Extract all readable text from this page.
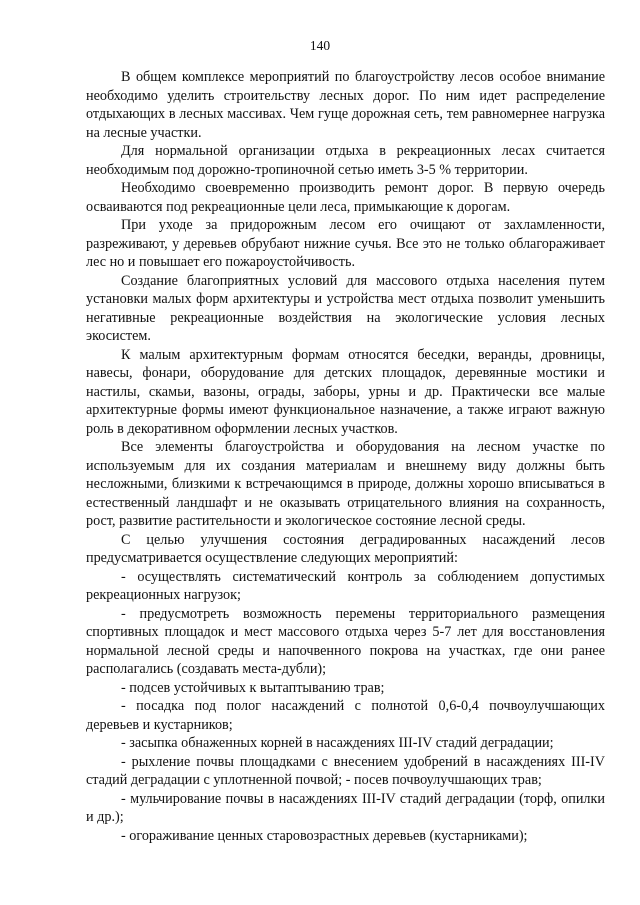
140

В общем комплексе мероприятий по благоустройству лесов особое внимание необходимо уделить строительству лесных дорог. По ним идет распределение отдыхающих в лесных массивах. Чем гуще дорожная сеть, тем равномернее нагрузка на лесные участки.

Для нормальной организации отдыха в рекреационных лесах считается необходимым под дорожно-тропиночной сетью иметь 3-5 % территории.

Необходимо своевременно производить ремонт дорог. В первую очередь осваиваются под рекреационные цели леса, примыкающие к дорогам.

При уходе за придорожным лесом его очищают от захламленности, разреживают, у деревьев обрубают нижние сучья. Все это не только облагораживает лес но и повышает его пожароустойчивость.

Создание благоприятных условий для массового отдыха населения путем установки малых форм архитектуры и устройства мест отдыха позволит уменьшить негативные рекреационные воздействия на экологические условия лесных экосистем.

К малым архитектурным формам относятся беседки, веранды, дровницы, навесы, фонари, оборудование для детских площадок, деревянные мостики и настилы, скамьи, вазоны, ограды, заборы, урны и др. Практически все малые архитектурные формы имеют функциональное назначение, а также играют важную роль в декоративном оформлении лесных участков.

Все элементы благоустройства и оборудования на лесном участке по используемым для их создания материалам и внешнему виду должны быть несложными, близкими к встречающимся в природе, должны хорошо вписываться в естественный ландшафт и не оказывать отрицательного влияния на сохранность, рост, развитие растительности и экологическое состояние лесной среды.

С целью улучшения состояния деградированных насаждений лесов предусматривается осуществление следующих мероприятий:

- осуществлять систематический контроль за соблюдением допустимых рекреационных нагрузок;

- предусмотреть возможность перемены территориального размещения спортивных площадок и мест массового отдыха через 5-7 лет для восстановления нормальной лесной среды и напочвенного покрова на участках, где они ранее располагались (создавать места-дубли);

- подсев устойчивых к вытаптыванию трав;

- посадка под полог насаждений с полнотой 0,6-0,4 почвоулучшающих деревьев и кустарников;

- засыпка обнаженных корней в насаждениях III-IV стадий деградации;

- рыхление почвы площадками с внесением удобрений в насаждениях III-IV стадий деградации с уплотненной почвой; - посев почвоулучшающих трав;

- мульчирование почвы в насаждениях III-IV стадий деградации (торф, опилки и др.);

- огораживание ценных старовозрастных деревьев (кустарниками);
